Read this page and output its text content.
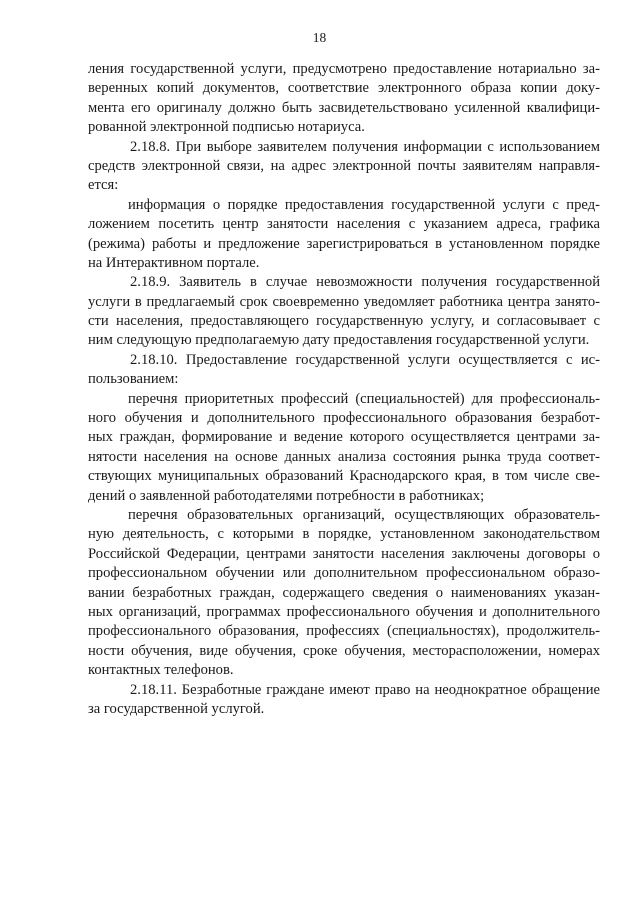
18
ления государственной услуги, предусмотрено предоставление нотариально за-
веренных копий документов, соответствие электронного образа копии доку-
мента его оригиналу должно быть засвидетельствовано усиленной квалифици-
рованной электронной подписью нотариуса.
2.18.8. При выборе заявителем получения информации с использованием
средств электронной связи, на адрес электронной почты заявителям направля-
ется:
информация о порядке предоставления государственной услуги с пред-
ложением посетить центр занятости населения с указанием адреса, графика
(режима) работы и предложение зарегистрироваться в установленном порядке
на Интерактивном портале.
2.18.9. Заявитель в случае невозможности получения государственной
услуги в предлагаемый срок своевременно уведомляет работника центра занято-
сти населения, предоставляющего государственную услугу, и согласовывает с
ним следующую предполагаемую дату предоставления государственной услуги.
2.18.10. Предоставление государственной услуги осуществляется с ис-
пользованием:
перечня приоритетных профессий (специальностей) для профессиональ-
ного обучения и дополнительного профессионального образования безработ-
ных граждан, формирование и ведение которого осуществляется центрами за-
нятости населения на основе данных анализа состояния рынка труда соответ-
ствующих муниципальных образований Краснодарского края, в том числе све-
дений о заявленной работодателями потребности в работниках;
перечня образовательных организаций, осуществляющих образователь-
ную деятельность, с которыми в порядке, установленном законодательством
Российской Федерации, центрами занятости населения заключены договоры о
профессиональном обучении или дополнительном профессиональном образо-
вании безработных граждан, содержащего сведения о наименованиях указан-
ных организаций, программах профессионального обучения и дополнительного
профессионального образования, профессиях (специальностях), продолжитель-
ности обучения, виде обучения, сроке обучения, месторасположении, номерах
контактных телефонов.
2.18.11. Безработные граждане имеют право на неоднократное обращение
за государственной услугой.
